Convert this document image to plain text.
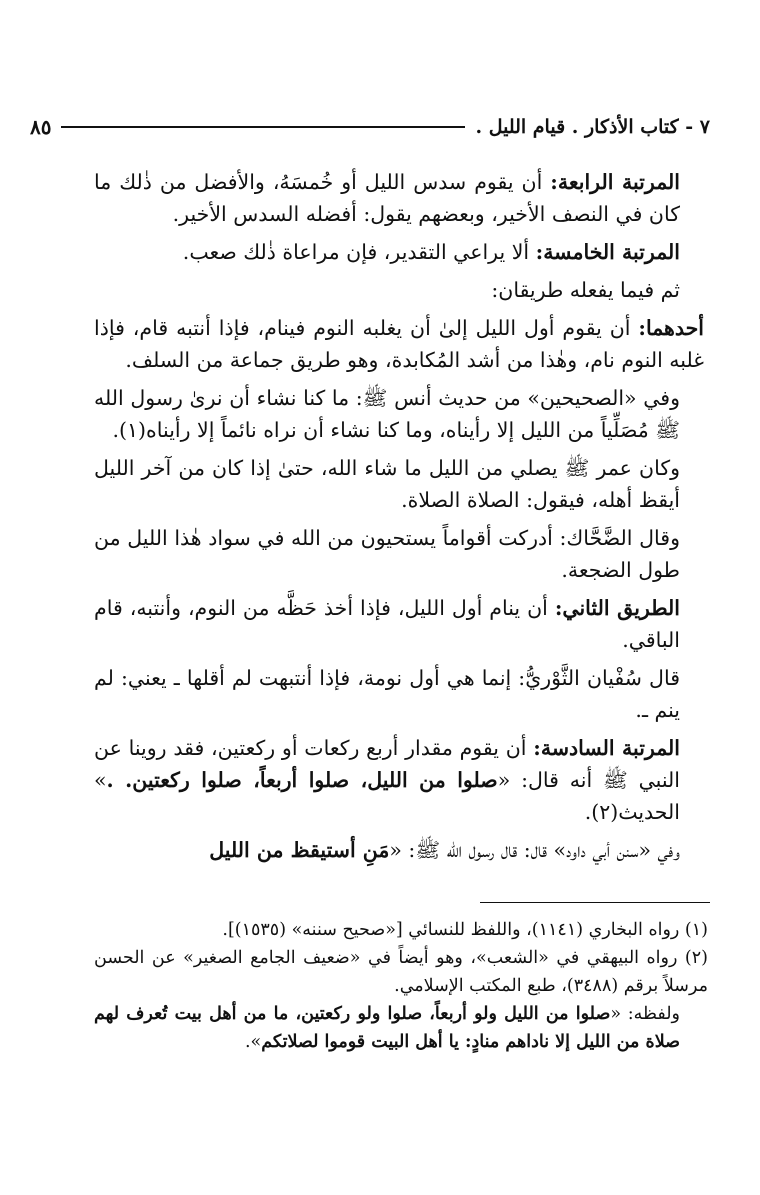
٧ - كتاب الأذكار . قيام الليل .
٨٥

المرتبة الرابعة: أن يقوم سدس الليل أو خُمسَهُ، والأفضل من ذٰلك ما كان في النصف الأخير، وبعضهم يقول: أفضله السدس الأخير.

المرتبة الخامسة: ألا يراعي التقدير، فإن مراعاة ذٰلك صعب.

ثم فيما يفعله طريقان:

أحدهما: أن يقوم أول الليل إلىٰ أن يغلبه النوم فينام، فإذا أنتبه قام، فإذا غلبه النوم نام، وهٰذا من أشد المُكابدة، وهو طريق جماعة من السلف.

وفي «الصحيحين» من حديث أنس ﷺ: ما كنا نشاء أن نرىٰ رسول الله ﷺ مُصَلِّياً من الليل إلا رأيناه، وما كنا نشاء أن نراه نائماً إلا رأيناه(١).

وكان عمر ﷺ يصلي من الليل ما شاء الله، حتىٰ إذا كان من آخر الليل أيقظ أهله، فيقول: الصلاة الصلاة.

وقال الضَّحَّاك: أدركت أقواماً يستحيون من الله في سواد هٰذا الليل من طول الضجعة.

الطريق الثاني: أن ينام أول الليل، فإذا أخذ حَظَّه من النوم، وأنتبه، قام الباقي.

قال سُفْيان الثَّوْريُّ: إنما هي أول نومة، فإذا أنتبهت لم أقلها ـ يعني: لم ينم ـ.

المرتبة السادسة: أن يقوم مقدار أربع ركعات أو ركعتين، فقد روينا عن النبي ﷺ أنه قال: «صلوا من الليل، صلوا أربعاً، صلوا ركعتين. .» الحديث(٢).

وفي «سنن أبي داود» قال: قال رسول الله ﷺ: «مَنِ أستيقظ من الليل

(١) رواه البخاري (١١٤١)، واللفظ للنسائي [«صحيح سننه» (١٥٣٥)].

(٢) رواه البيهقي في «الشعب»، وهو أيضاً في «ضعيف الجامع الصغير» عن الحسن مرسلاً برقم (٣٤٨٨)، طبع المكتب الإسلامي.

ولفظه: «صلوا من الليل ولو أربعاً، صلوا ولو ركعتين، ما من أهل بيت تُعرف لهم صلاة من الليل إلا ناداهم منادٍ: يا أهل البيت قوموا لصلاتكم».
